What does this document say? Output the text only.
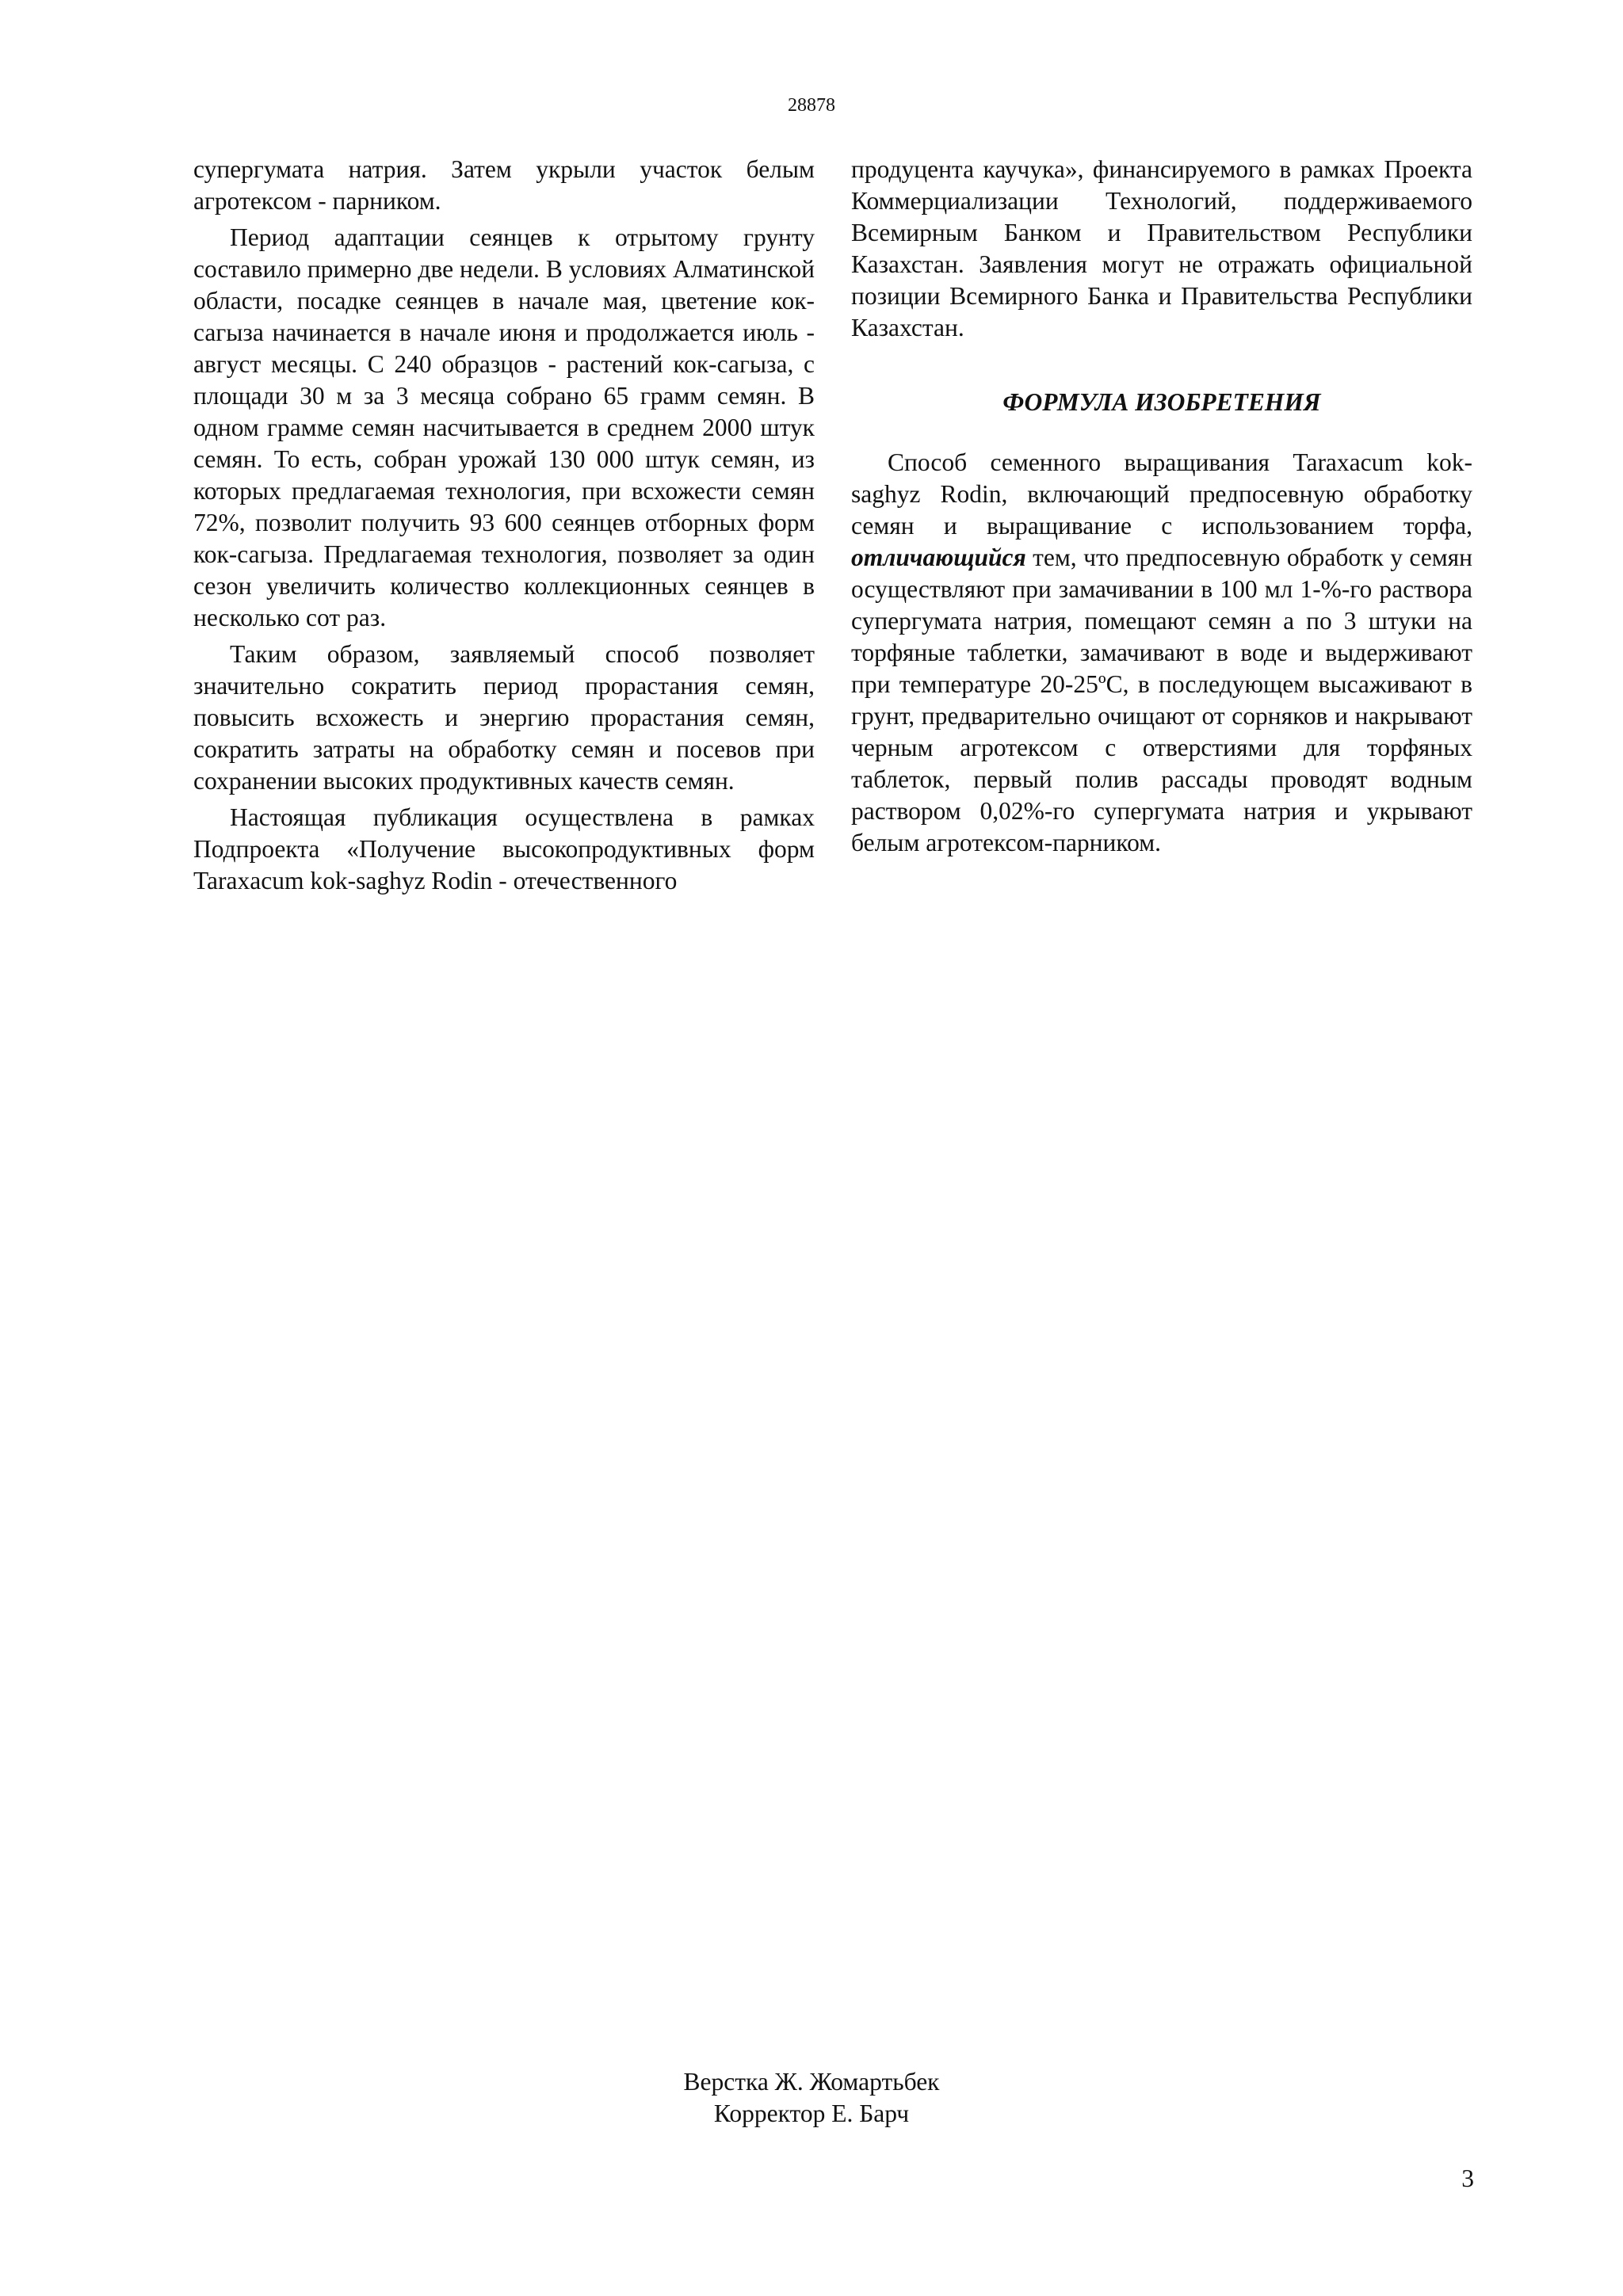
28878

супергумата натрия. Затем укрыли участок белым агротексом - парником.

Период адаптации сеянцев к отрытому грунту составило примерно две недели. В условиях Алматинской области, посадке сеянцев в начале мая, цветение кок-сагыза начинается в начале июня и продолжается июль - август месяцы. С 240 образцов - растений кок-сагыза, с площади 30 м за 3 месяца собрано 65 грамм семян. В одном грамме семян насчитывается в среднем 2000 штук семян. То есть, собран урожай 130 000 штук семян, из которых предлагаемая технология, при всхожести семян 72%, позволит получить 93 600 сеянцев отборных форм кок-сагыза. Предлагаемая технология, позволяет за один сезон увеличить количество коллекционных сеянцев в несколько сот раз.

Таким образом, заявляемый способ позволяет значительно сократить период прорастания семян, повысить всхожесть и энергию прорастания семян, сократить затраты на обработку семян и посевов при сохранении высоких продуктивных качеств семян.

Настоящая публикация осуществлена в рамках Подпроекта «Получение высокопродуктивных форм Taraxacum kok-saghyz Rodin - отечественного

продуцента каучука», финансируемого в рамках Проекта Коммерциализации Технологий, поддерживаемого Всемирным Банком и Правительством Республики Казахстан. Заявления могут не отражать официальной позиции Всемирного Банка и Правительства Республики Казахстан.

ФОРМУЛА ИЗОБРЕТЕНИЯ

Способ семенного выращивания Taraxacum kok-saghyz Rodin, включающий предпосевную обработку семян и выращивание с использованием торфа, отличающийся тем, что предпосевную обработк у семян осуществляют при замачивании в 100 мл 1-%-го раствора супергумата натрия, помещают семян а по 3 штуки на торфяные таблетки, замачивают в воде и выдерживают при температуре 20-25ºС, в последующем высаживают в грунт, предварительно очищают от сорняков и накрывают черным агротексом с отверстиями для торфяных таблеток, первый полив рассады проводят водным раствором 0,02%-го супергумата натрия и укрывают белым агротексом-парником.

Верстка Ж. Жомартьбек
Корректор Е. Барч
3
